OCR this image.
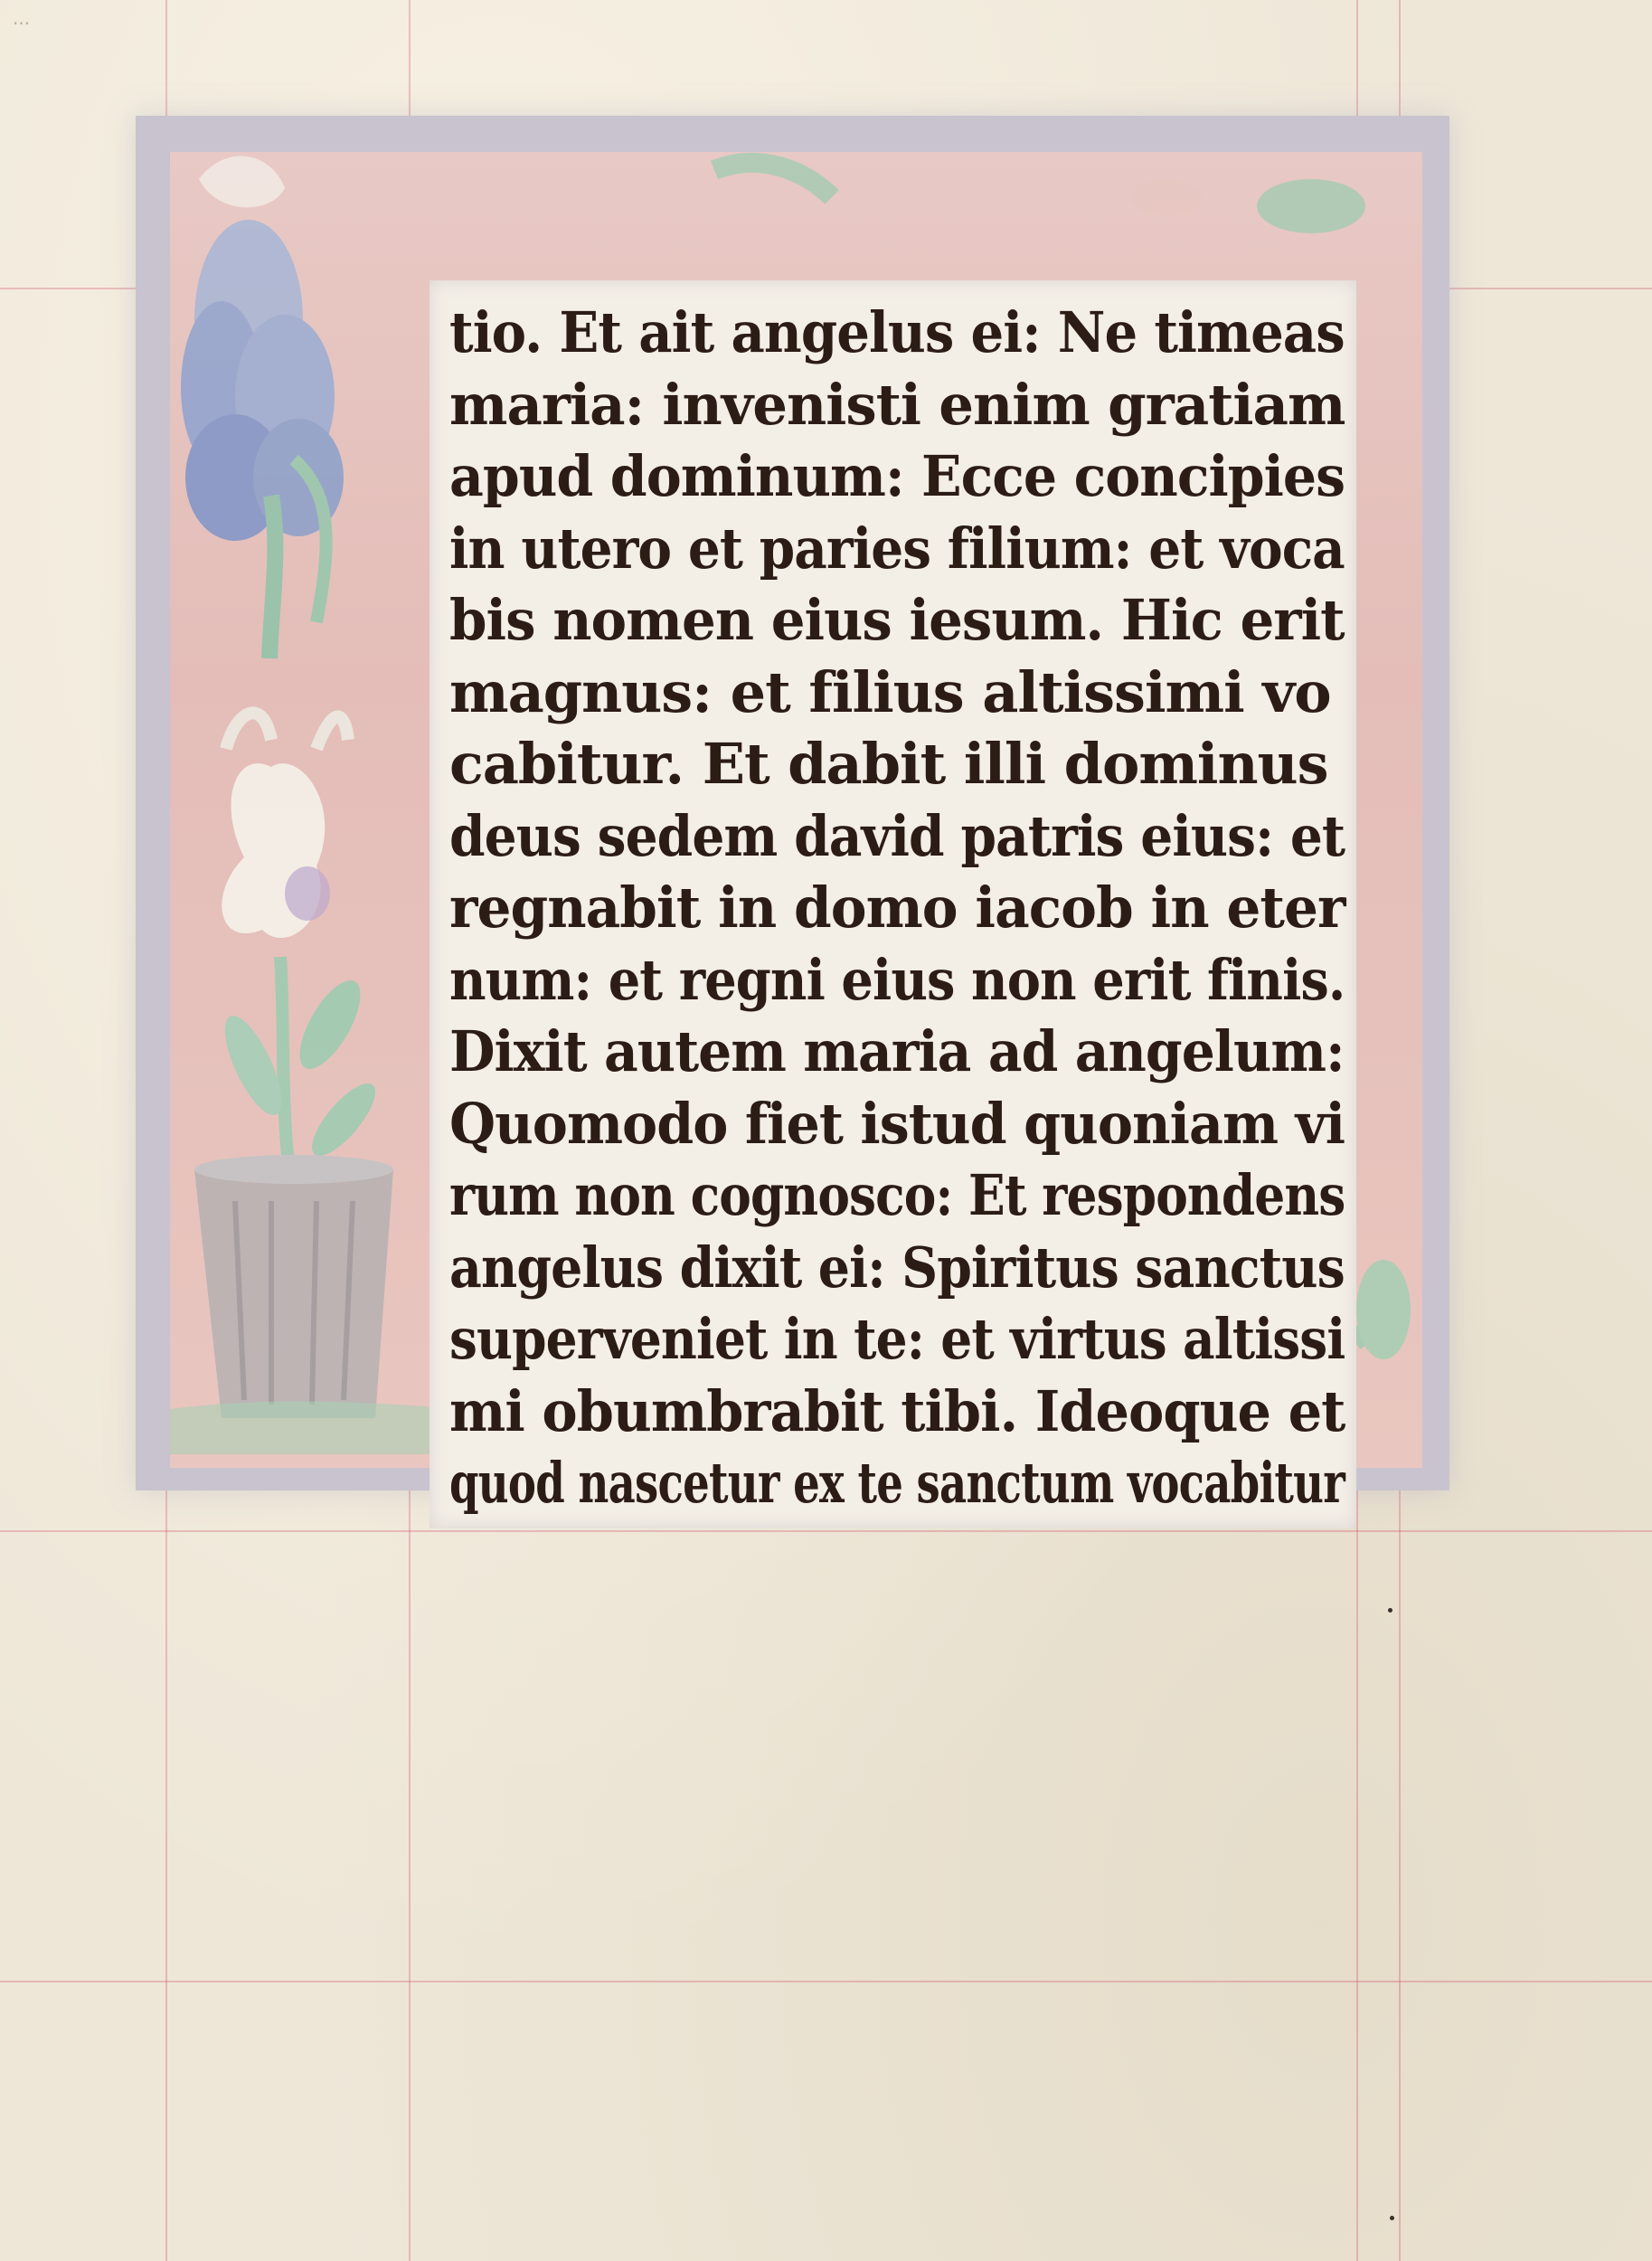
...
tio. Et ait angelus ei: Ne timeas
maria: invenisti enim gratiam
apud dominum: Ecce concipies
in utero et paries filium: et voca
bis nomen eius iesum. Hic erit
magnus: et filius altissimi vo
cabitur. Et dabit illi dominus
deus sedem david patris eius: et
regnabit in domo iacob in eter
num: et regni eius non erit finis.
Dixit autem maria ad angelum:
Quomodo fiet istud quoniam vi
rum non cognosco: Et respondens
angelus dixit ei: Spiritus sanctus
superveniet in te: et virtus altissi
mi obumbrabit tibi. Ideoque et
quod nascetur ex te sanctum vocabitur
